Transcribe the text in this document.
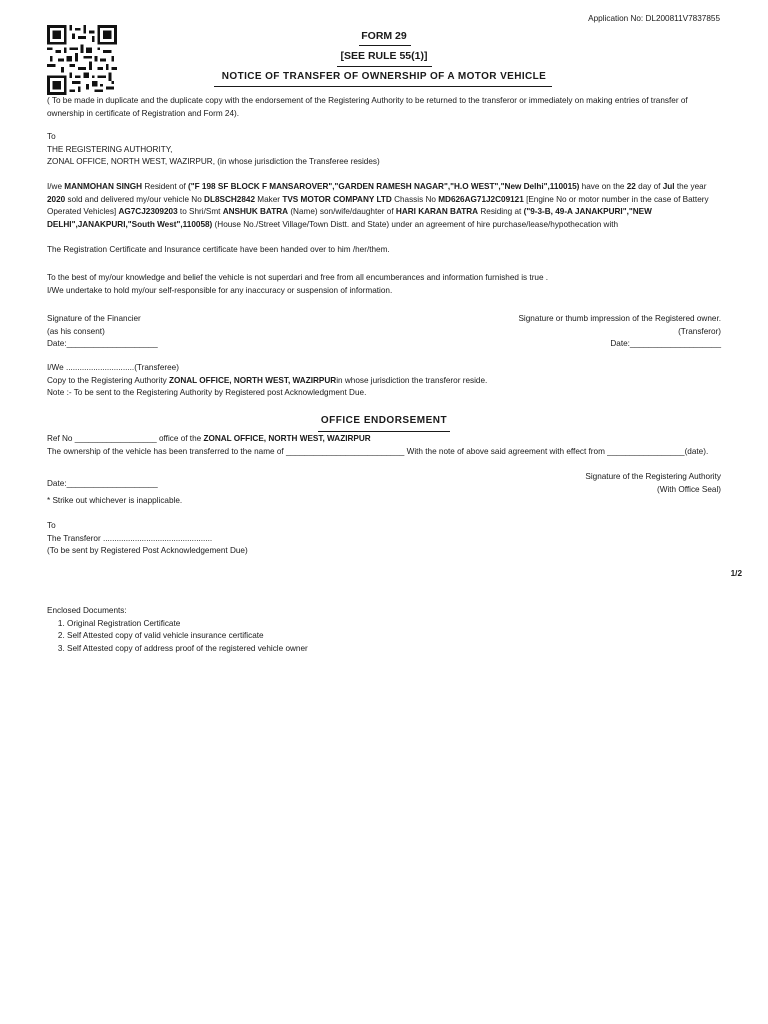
Application No: DL200811V7837855
FORM 29
[SEE RULE 55(1)]
NOTICE OF TRANSFER OF OWNERSHIP OF A MOTOR VEHICLE
( To be made in duplicate and the duplicate copy with the endorsement of the Registering Authority to be returned to the transferor or immediately on making entries of transfer of ownership in certificate of Registration and Form 24).
To
THE REGISTERING AUTHORITY,
ZONAL OFFICE, NORTH WEST, WAZIRPUR, (in whose jurisdiction the Transferee resides)
I/we MANMOHAN SINGH Resident of ("F 198 SF BLOCK F MANSAROVER","GARDEN RAMESH NAGAR","H.O WEST","New Delhi",110015) have on the 22 day of Jul the year 2020 sold and delivered my/our vehicle No DL8SCH2842 Maker TVS MOTOR COMPANY LTD Chassis No MD626AG71J2C09121 [Engine No or motor number in the case of Battery Operated Vehicles] AG7CJ2309203 to Shri/Smt ANSHUK BATRA (Name) son/wife/daughter of HARI KARAN BATRA Residing at ("9-3-B, 49-A JANAKPURI","NEW DELHI",JANAKPURI,"South West",110058) (House No./Street Village/Town Distt. and State) under an agreement of hire purchase/lease/hypothecation with
The Registration Certificate and Insurance certificate have been handed over to him /her/them.
To the best of my/our knowledge and belief the vehicle is not superdari and free from all encumberances and information furnished is true .
I/We undertake to hold my/our self-responsible for any inaccuracy or suspension of information.
Signature of the Financier
(as his consent)
Date:____________________
Signature or thumb impression of the Registered owner.
(Transferor)
Date:____________________
I/We ..............................(Transferee)
Copy to the Registering Authority ZONAL OFFICE, NORTH WEST, WAZIRPURin whose jurisdiction the transferor reside.
Note :- To be sent to the Registering Authority by Registered post Acknowledgment Due.
OFFICE ENDORSEMENT
Ref No __________________ office of the ZONAL OFFICE, NORTH WEST, WAZIRPUR
The ownership of the vehicle has been transferred to the name of __________________________ With the note of above said agreement with effect from _________________(date).
Signature of the Registering Authority
(With Office Seal)
Date:____________________
* Strike out whichever is inapplicable.
To
The Transferor ................................................
(To be sent by Registered Post Acknowledgement Due)
1/2
Enclosed Documents:
1. Original Registration Certificate
2. Self Attested copy of valid vehicle insurance certificate
3. Self Attested copy of address proof of the registered vehicle owner
